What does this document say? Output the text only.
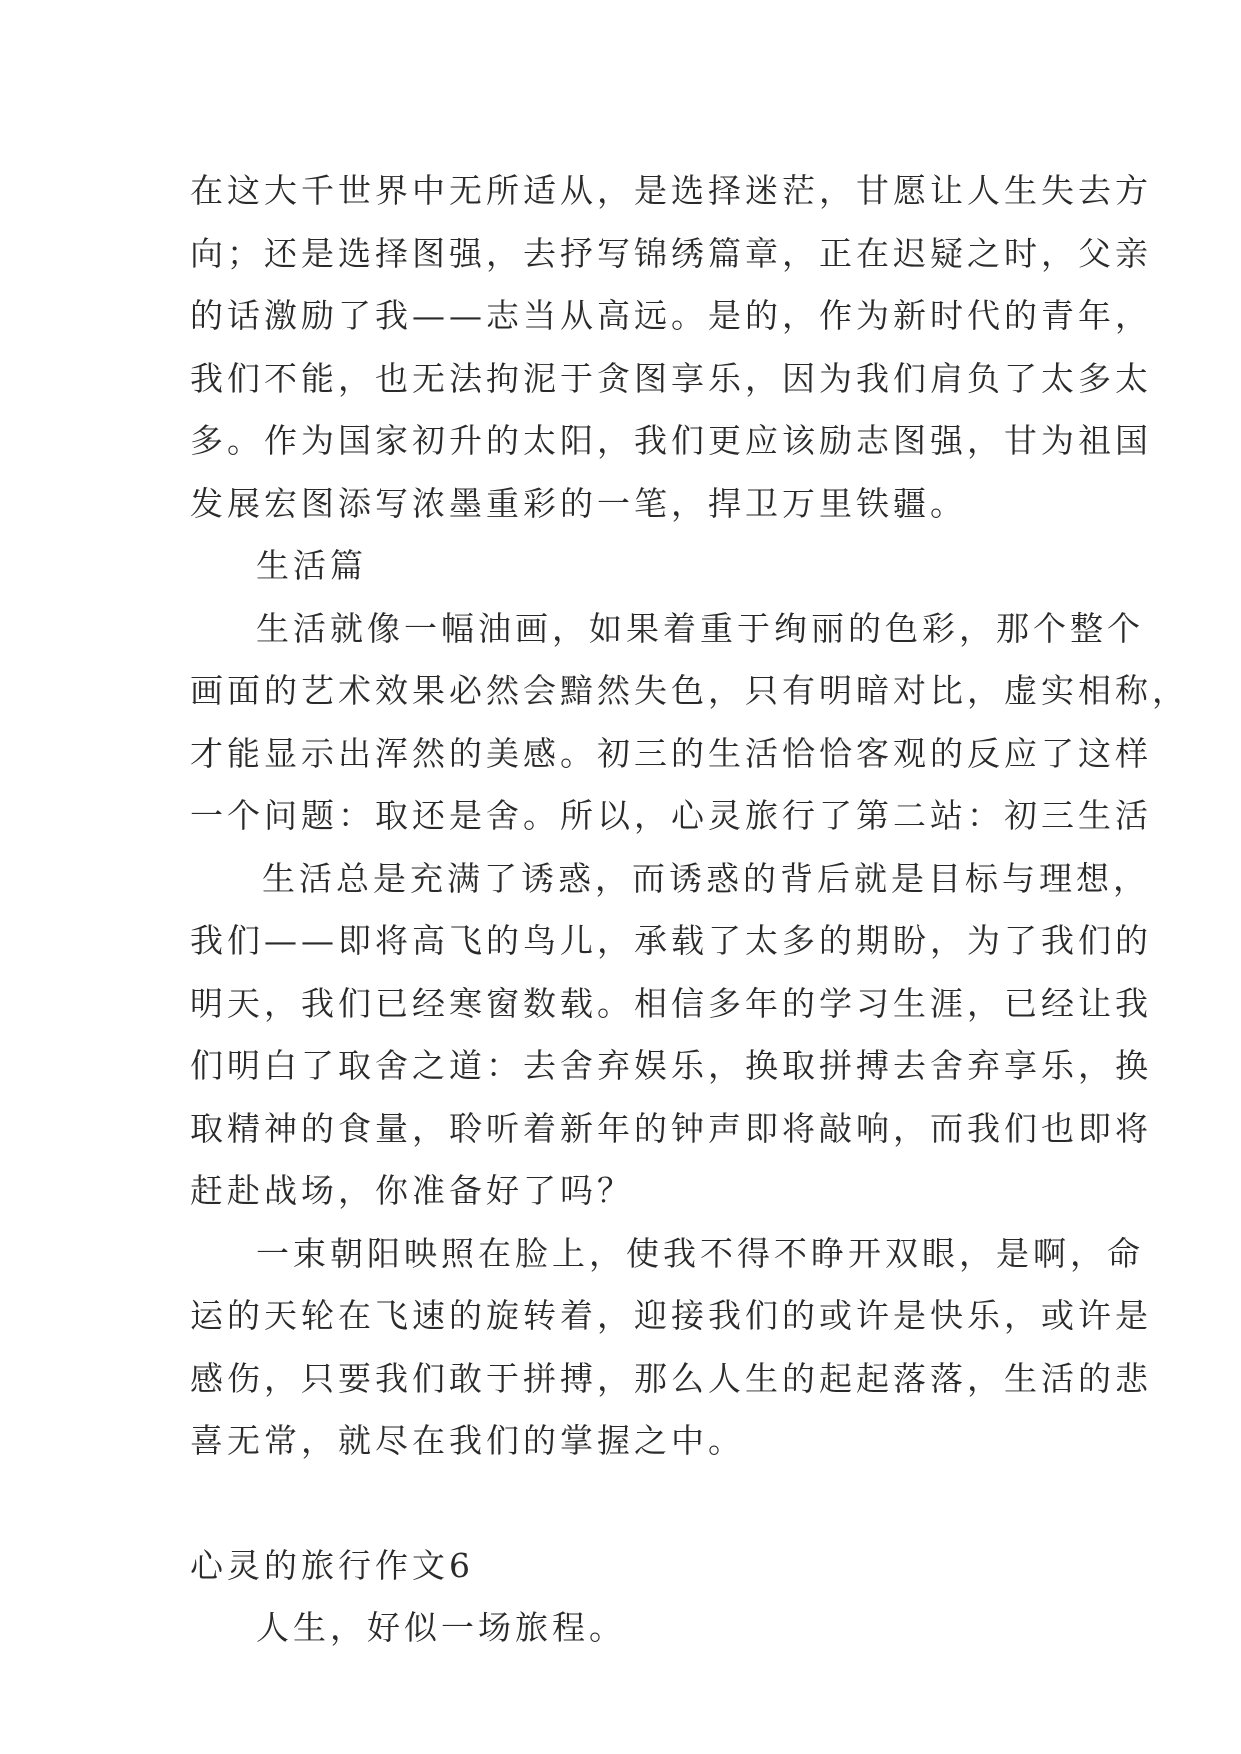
在这大千世界中无所适从，是选择迷茫，甘愿让人生失去方
向；还是选择图强，去抒写锦绣篇章，正在迟疑之时，父亲
的话激励了我——志当从高远。是的，作为新时代的青年，
我们不能，也无法拘泥于贪图享乐，因为我们肩负了太多太
多。作为国家初升的太阳，我们更应该励志图强，甘为祖国
发展宏图添写浓墨重彩的一笔，捍卫万里铁疆。
生活篇
生活就像一幅油画，如果着重于绚丽的色彩，那个整个
画面的艺术效果必然会黯然失色，只有明暗对比，虚实相称，
才能显示出浑然的美感。初三的生活恰恰客观的反应了这样
一个问题：取还是舍。所以，心灵旅行了第二站：初三生活
生活总是充满了诱惑，而诱惑的背后就是目标与理想，
我们——即将高飞的鸟儿，承载了太多的期盼，为了我们的
明天，我们已经寒窗数载。相信多年的学习生涯，已经让我
们明白了取舍之道：去舍弃娱乐，换取拼搏去舍弃享乐，换
取精神的食量，聆听着新年的钟声即将敲响，而我们也即将
赶赴战场，你准备好了吗？
一束朝阳映照在脸上，使我不得不睁开双眼，是啊，命
运的天轮在飞速的旋转着，迎接我们的或许是快乐，或许是
感伤，只要我们敢于拼搏，那么人生的起起落落，生活的悲
喜无常，就尽在我们的掌握之中。
心灵的旅行作文6
人生，好似一场旅程。
